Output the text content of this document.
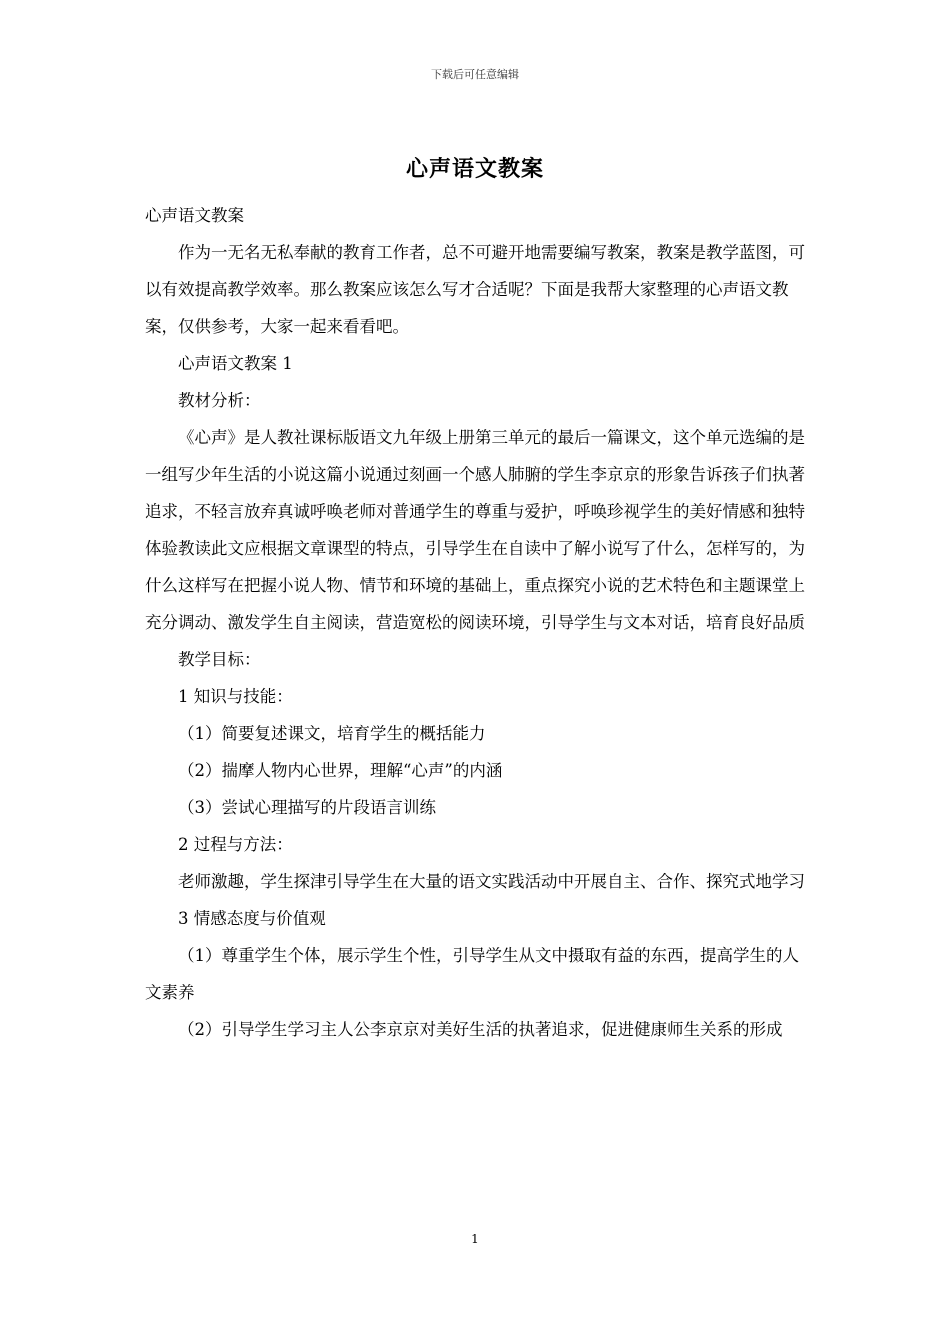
下载后可任意编辑
心声语文教案

心声语文教案

作为一无名无私奉献的教育工作者，总不可避开地需要编写教案，教案是教学蓝图，可以有效提高教学效率。那么教案应该怎么写才合适呢？下面是我帮大家整理的心声语文教案，仅供参考，大家一起来看看吧。

心声语文教案 1

教材分析：

《心声》是人教社课标版语文九年级上册第三单元的最后一篇课文，这个单元选编的是一组写少年生活的小说这篇小说通过刻画一个感人肺腑的学生李京京的形象告诉孩子们执著追求，不轻言放弃真诚呼唤老师对普通学生的尊重与爱护，呼唤珍视学生的美好情感和独特体验教读此文应根据文章课型的特点，引导学生在自读中了解小说写了什么，怎样写的，为什么这样写在把握小说人物、情节和环境的基础上，重点探究小说的艺术特色和主题课堂上充分调动、激发学生自主阅读，营造宽松的阅读环境，引导学生与文本对话，培育良好品质

教学目标：

1 知识与技能：

（1）简要复述课文，培育学生的概括能力

（2）揣摩人物内心世界，理解“心声”的内涵

（3）尝试心理描写的片段语言训练

2 过程与方法：

老师激趣，学生探津引导学生在大量的语文实践活动中开展自主、合作、探究式地学习

3 情感态度与价值观

（1）尊重学生个体，展示学生个性，引导学生从文中摄取有益的东西，提高学生的人文素养

（2）引导学生学习主人公李京京对美好生活的执著追求，促进健康师生关系的形成

1
